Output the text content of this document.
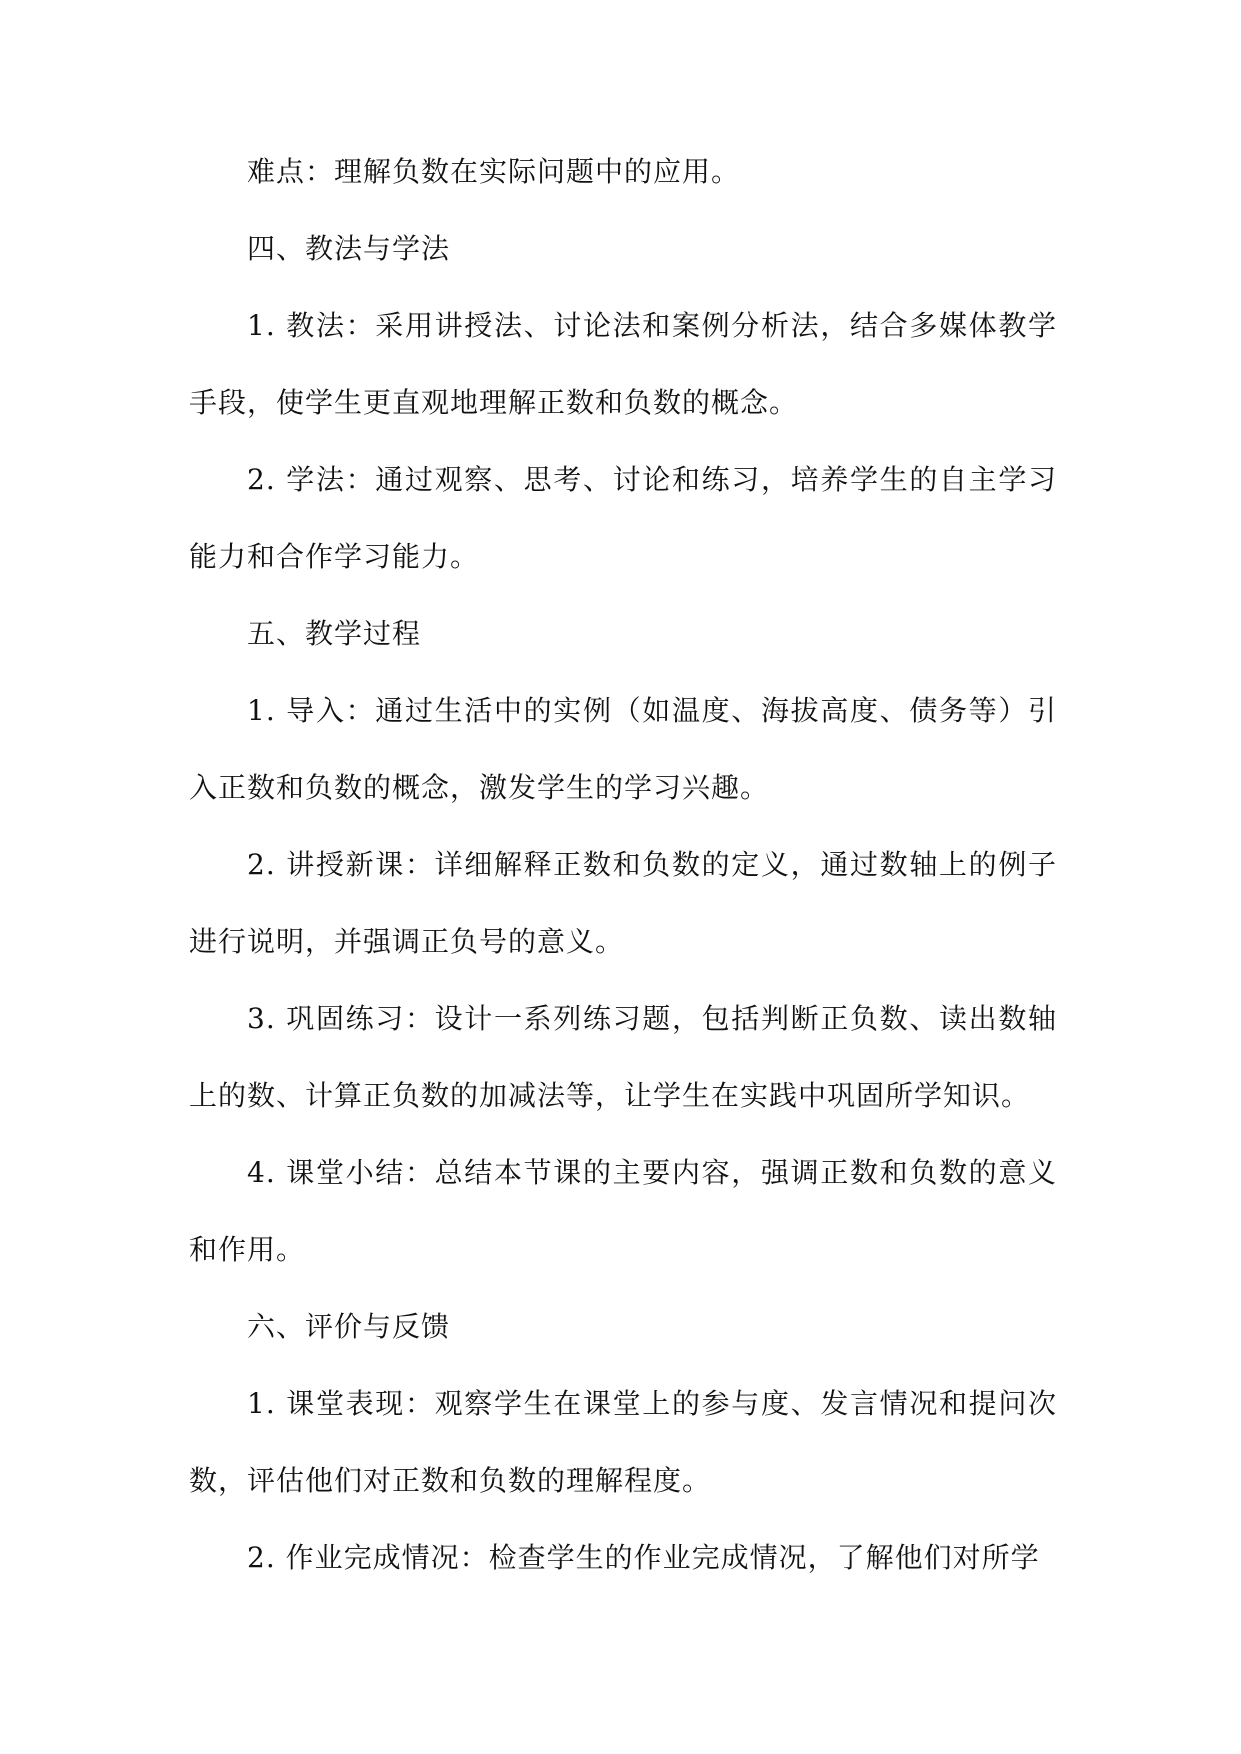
难点：理解负数在实际问题中的应用。

四、教法与学法

1. 教法：采用讲授法、讨论法和案例分析法，结合多媒体教学手段，使学生更直观地理解正数和负数的概念。

2. 学法：通过观察、思考、讨论和练习，培养学生的自主学习能力和合作学习能力。

五、教学过程

1. 导入：通过生活中的实例（如温度、海拔高度、债务等）引入正数和负数的概念，激发学生的学习兴趣。

2. 讲授新课：详细解释正数和负数的定义，通过数轴上的例子进行说明，并强调正负号的意义。

3. 巩固练习：设计一系列练习题，包括判断正负数、读出数轴上的数、计算正负数的加减法等，让学生在实践中巩固所学知识。

4. 课堂小结：总结本节课的主要内容，强调正数和负数的意义和作用。

六、评价与反馈

1. 课堂表现：观察学生在课堂上的参与度、发言情况和提问次数，评估他们对正数和负数的理解程度。

2. 作业完成情况：检查学生的作业完成情况，了解他们对所学
